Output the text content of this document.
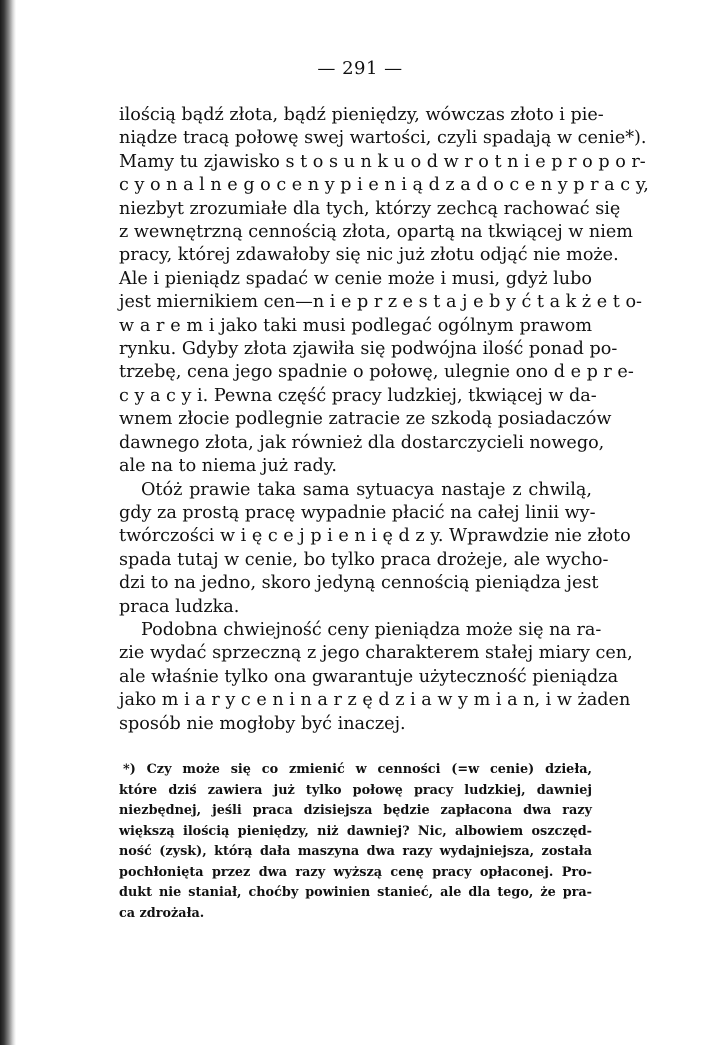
— 291 —
ilością bądź złota, bądź pieniędzy, wówczas złoto i pie-
niądze tracą połowę swej wartości, czyli spadają w cenie*).
Mamy tu zjawisko s t o s u n k u o d w r o t n i e p r o p o r-
c y o n a l n e g o c e n y p i e n i ą d z a d o c e n y p r a c y,
niezbyt zrozumiałe dla tych, którzy zechcą rachować się
z wewnętrzną cennością złota, opartą na tkwiącej w niem
pracy, której zdawałoby się nic już złotu odjąć nie może.
Ale i pieniądz spadać w cenie może i musi, gdyż lubo
jest miernikiem cen—n i e p r z e s t a j e b y ć t a k ż e t o-
w a r e m i jako taki musi podlegać ogólnym prawom
rynku. Gdyby złota zjawiła się podwójna ilość ponad po-
trzebę, cena jego spadnie o połowę, ulegnie ono d e p r e-
c y a c y i. Pewna część pracy ludzkiej, tkwiącej w da-
wnem złocie podlegnie zatracie ze szkodą posiadaczów
dawnego złota, jak również dla dostarczycieli nowego,
ale na to niema już rady.
Otóż prawie taka sama sytuacya nastaje z chwilą,
gdy za prostą pracę wypadnie płacić na całej linii wy-
twórczości w i ę c e j p i e n i ę d z y. Wprawdzie nie złoto
spada tutaj w cenie, bo tylko praca drożeje, ale wycho-
dzi to na jedno, skoro jedyną cennością pieniądza jest
praca ludzka.
Podobna chwiejność ceny pieniądza może się na ra-
zie wydać sprzeczną z jego charakterem stałej miary cen,
ale właśnie tylko ona gwarantuje użyteczność pieniądza
jako m i a r y c e n i n a r z ę d z i a w y m i a n, i w żaden
sposób nie mogłoby być inaczej.
*) Czy może się co zmienić w cenności (=w cenie) dzieła,
które dziś zawiera już tylko połowę pracy ludzkiej, dawniej
niezbędnej, jeśli praca dzisiejsza będzie zapłacona dwa razy
większą ilością pieniędzy, niż dawniej? Nic, albowiem oszczęd-
ność (zysk), którą dała maszyna dwa razy wydajniejsza, została
pochłonięta przez dwa razy wyższą cenę pracy opłaconej. Pro-
dukt nie staniał, choćby powinien stanieć, ale dla tego, że pra-
ca zdrożała.
